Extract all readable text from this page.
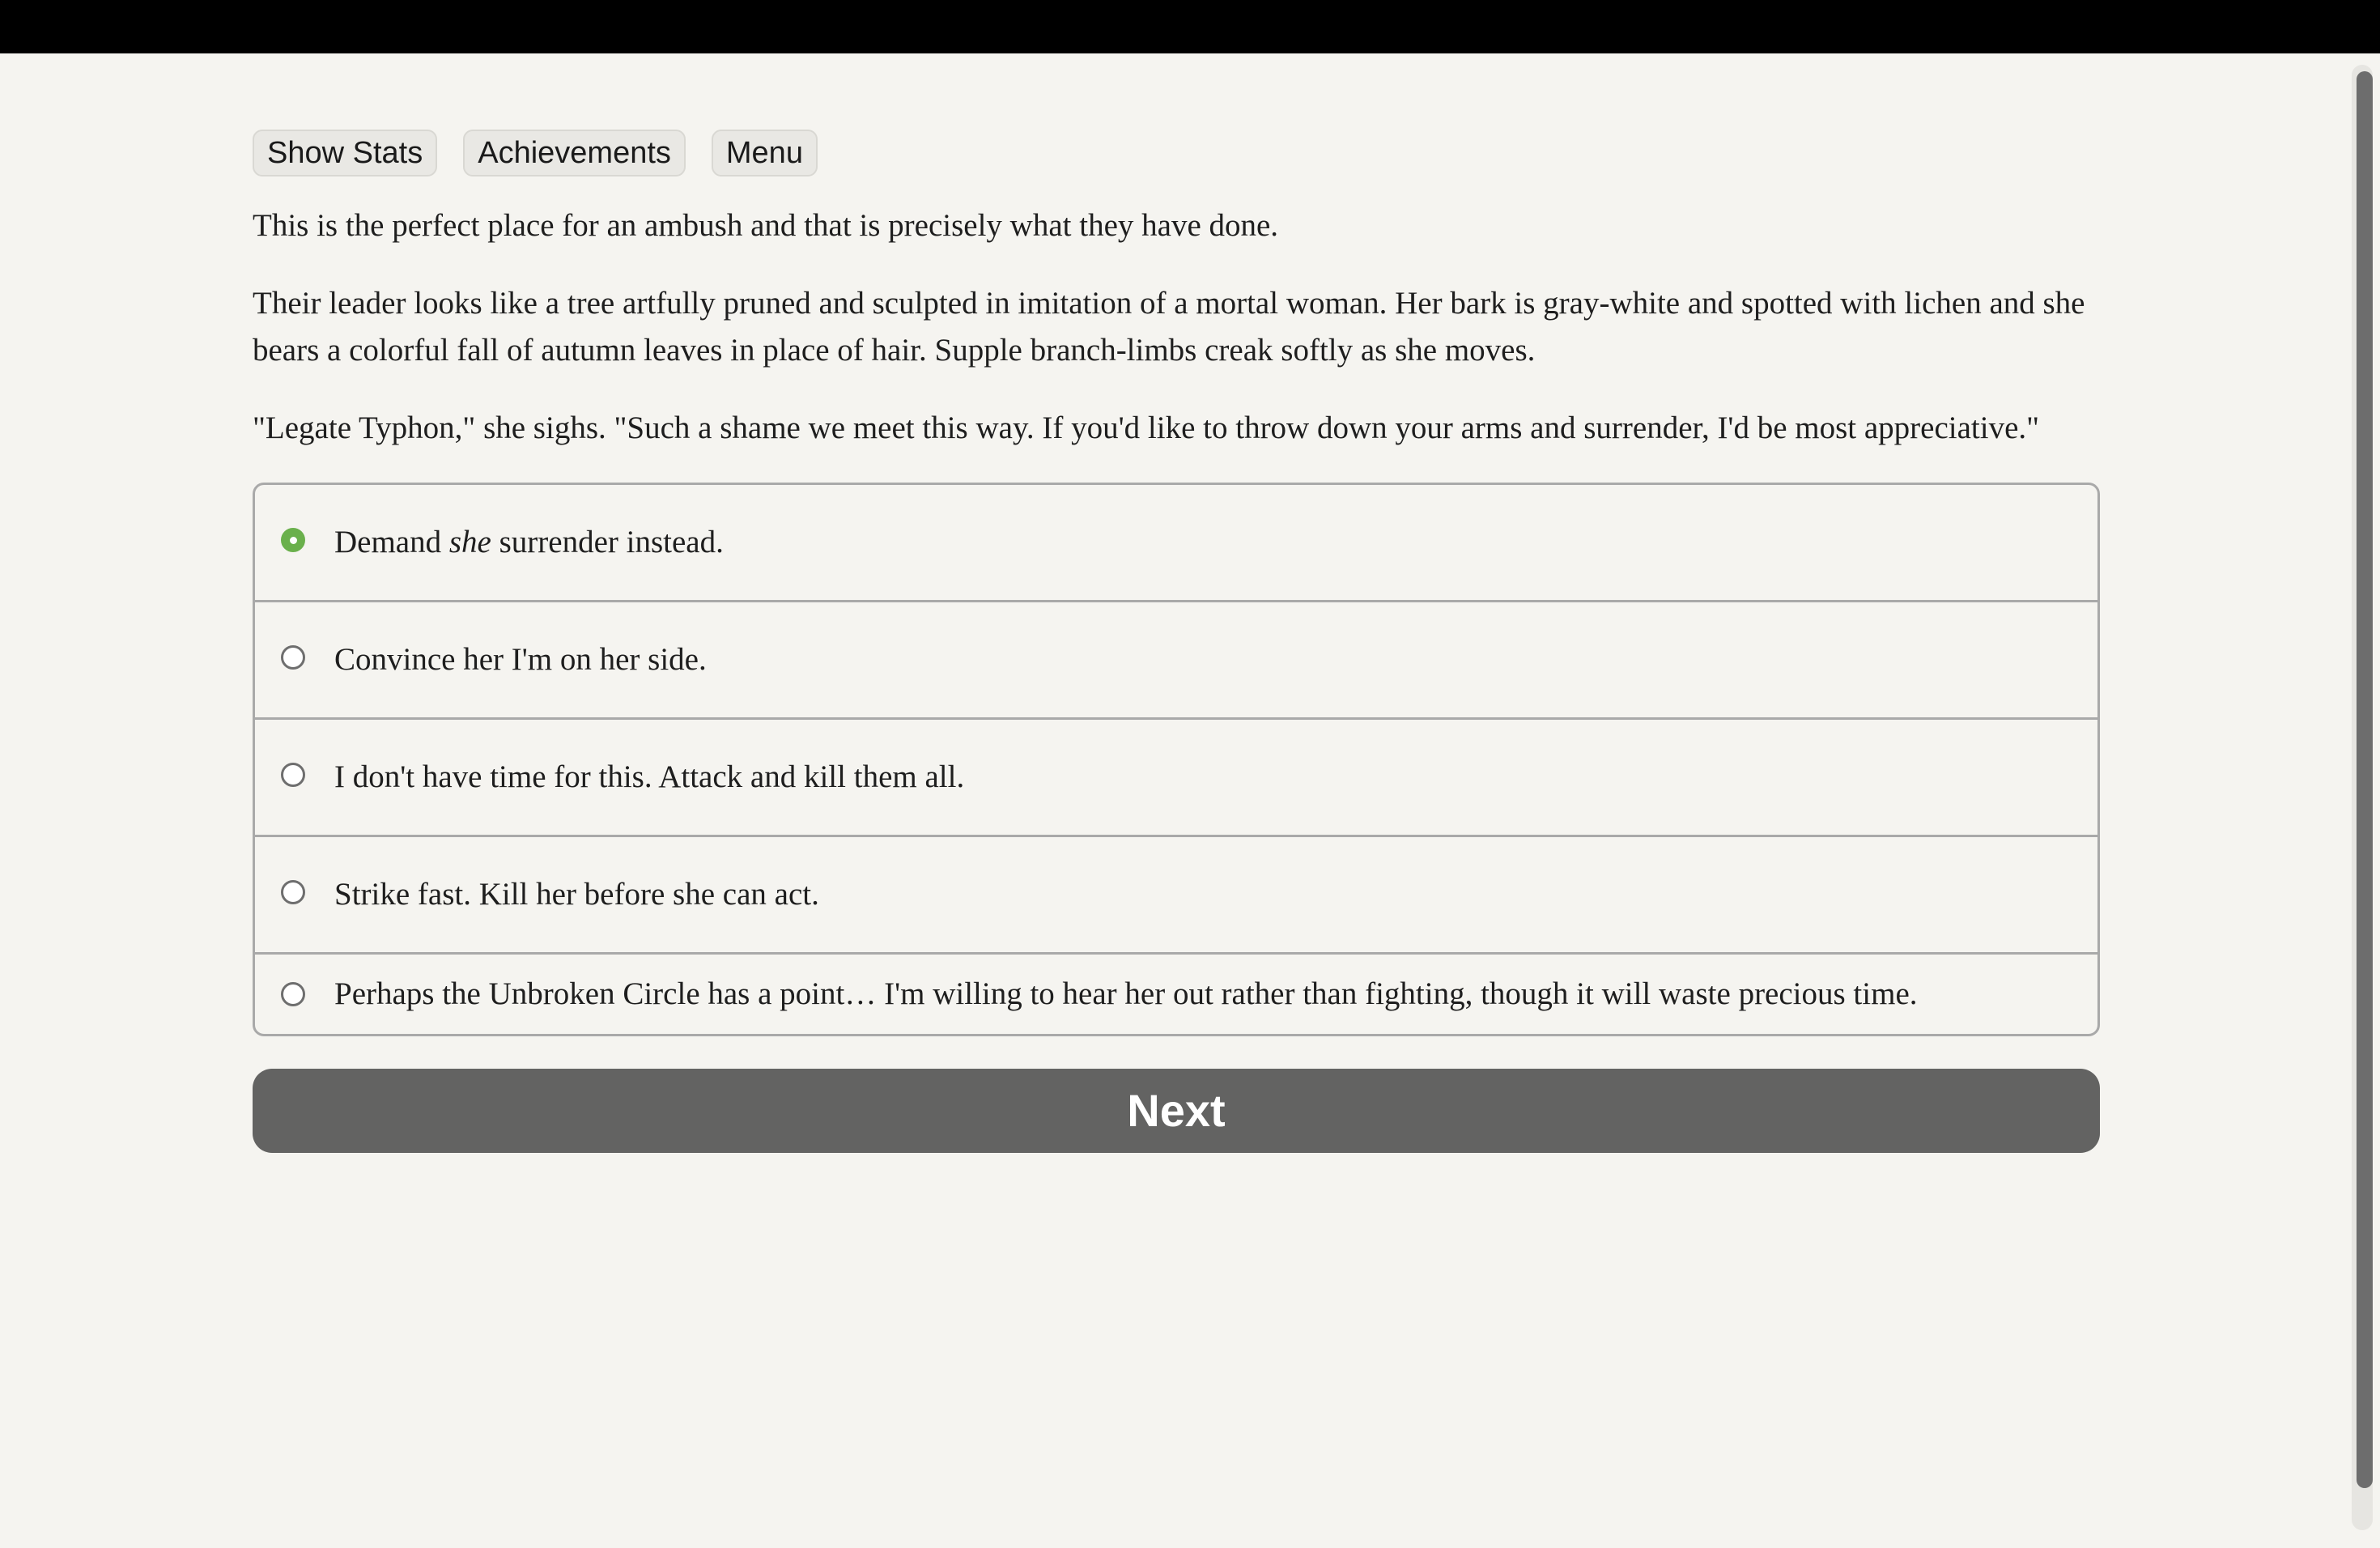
Show Stats	Achievements	Menu

This is the perfect place for an ambush and that is precisely what they have done.

Their leader looks like a tree artfully pruned and sculpted in imitation of a mortal woman. Her bark is gray-white and spotted with lichen and she bears a colorful fall of autumn leaves in place of hair. Supple branch-limbs creak softly as she moves.

"Legate Typhon," she sighs. "Such a shame we meet this way. If you'd like to throw down your arms and surrender, I'd be most appreciative."

Demand she surrender instead.
Convince her I'm on her side.
I don't have time for this. Attack and kill them all.
Strike fast. Kill her before she can act.
Perhaps the Unbroken Circle has a point… I'm willing to hear her out rather than fighting, though it will waste precious time.
Next
